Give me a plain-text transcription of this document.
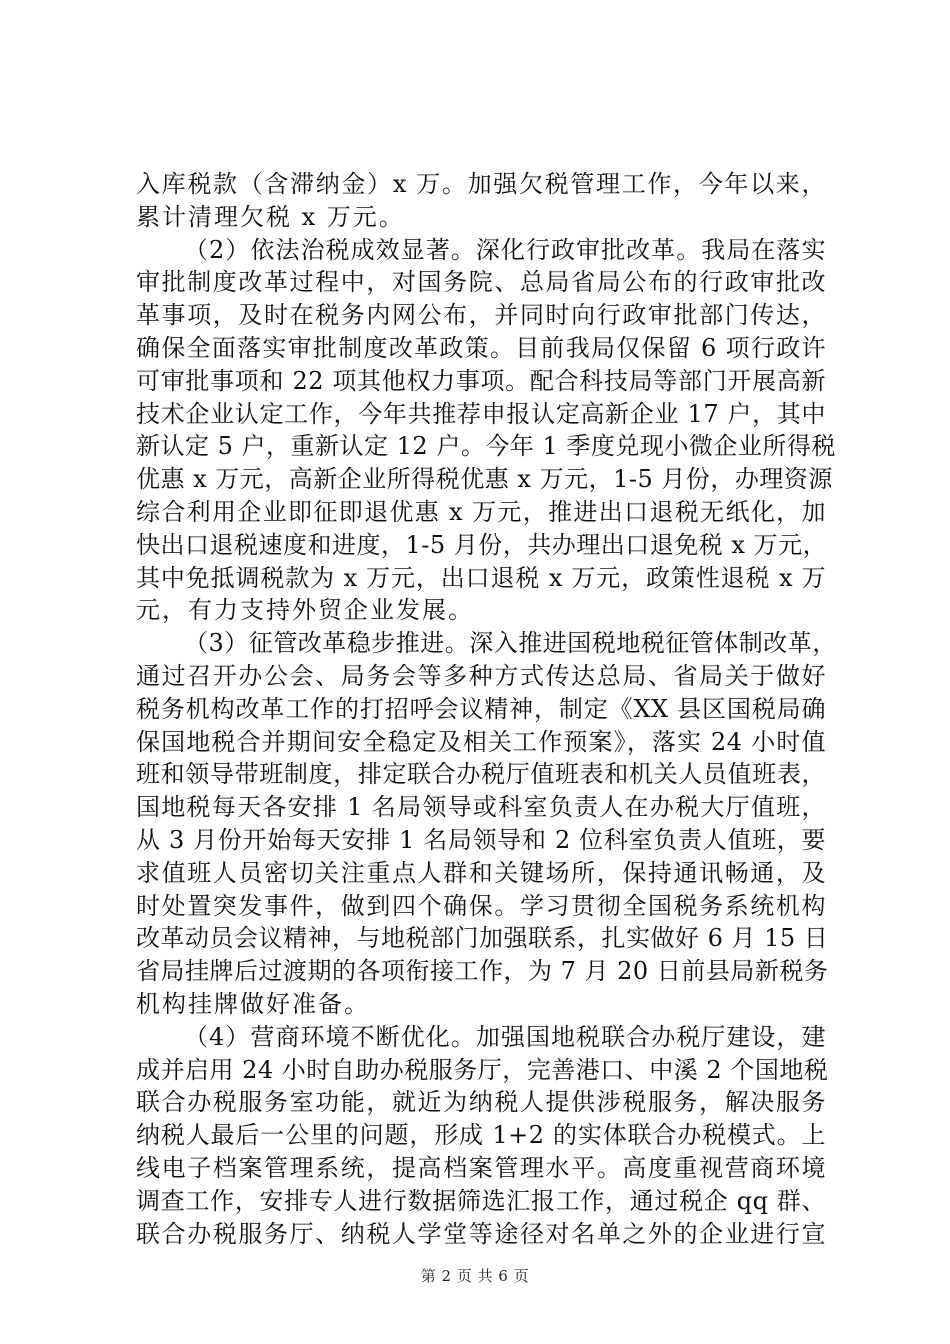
入库税款（含滞纳金）x 万。加强欠税管理工作，今年以来，
累计清理欠税 x 万元。
（2）依法治税成效显著。深化行政审批改革。我局在落实
审批制度改革过程中，对国务院、总局省局公布的行政审批改
革事项，及时在税务内网公布，并同时向行政审批部门传达，
确保全面落实审批制度改革政策。目前我局仅保留 6 项行政许
可审批事项和 22 项其他权力事项。配合科技局等部门开展高新
技术企业认定工作，今年共推荐申报认定高新企业 17 户，其中
新认定 5 户，重新认定 12 户。今年 1 季度兑现小微企业所得税
优惠 x 万元，高新企业所得税优惠 x 万元，1-5 月份，办理资源
综合利用企业即征即退优惠 x 万元，推进出口退税无纸化，加
快出口退税速度和进度，1-5 月份，共办理出口退免税 x 万元，
其中免抵调税款为 x 万元，出口退税 x 万元，政策性退税 x 万
元，有力支持外贸企业发展。
（3）征管改革稳步推进。深入推进国税地税征管体制改革，
通过召开办公会、局务会等多种方式传达总局、省局关于做好
税务机构改革工作的打招呼会议精神，制定《XX 县区国税局确
保国地税合并期间安全稳定及相关工作预案》，落实 24 小时值
班和领导带班制度，排定联合办税厅值班表和机关人员值班表，
国地税每天各安排 1 名局领导或科室负责人在办税大厅值班，
从 3 月份开始每天安排 1 名局领导和 2 位科室负责人值班，要
求值班人员密切关注重点人群和关键场所，保持通讯畅通，及
时处置突发事件，做到四个确保。学习贯彻全国税务系统机构
改革动员会议精神，与地税部门加强联系，扎实做好 6 月 15 日
省局挂牌后过渡期的各项衔接工作，为 7 月 20 日前县局新税务
机构挂牌做好准备。
（4）营商环境不断优化。加强国地税联合办税厅建设，建
成并启用 24 小时自助办税服务厅，完善港口、中溪 2 个国地税
联合办税服务室功能，就近为纳税人提供涉税服务，解决服务
纳税人最后一公里的问题，形成 1+2 的实体联合办税模式。上
线电子档案管理系统，提高档案管理水平。高度重视营商环境
调查工作，安排专人进行数据筛选汇报工作，通过税企 qq 群、
联合办税服务厅、纳税人学堂等途径对名单之外的企业进行宣
第 2 页 共 6 页
